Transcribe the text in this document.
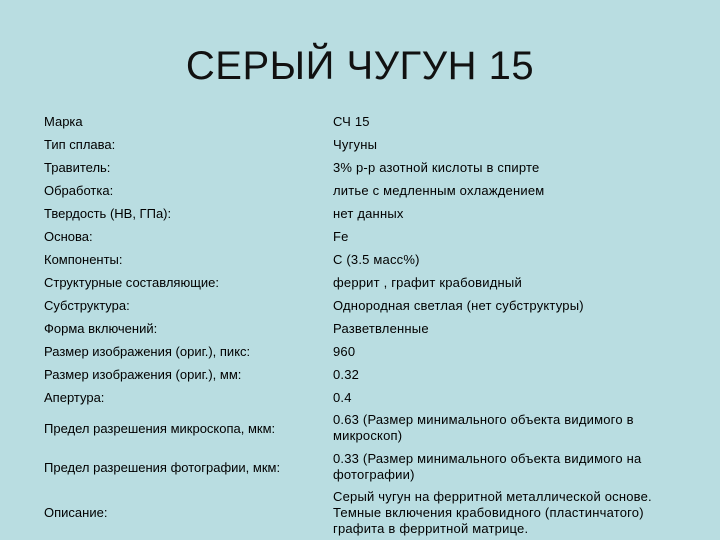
СЕРЫЙ ЧУГУН 15
Марка	СЧ 15
Тип сплава:	Чугуны
Травитель:	3% р-р азотной кислоты в спирте
Обработка:	литье с медленным охлаждением
Твердость (HB, ГПа):	нет данных
Основа:	Fe
Компоненты:	C (3.5 масс%)
Структурные составляющие:	феррит , графит крабовидный
Субструктура:	Однородная светлая (нет субструктуры)
Форма включений:	Разветвленные
Размер изображения (ориг.), пикс:	960
Размер изображения (ориг.), мм:	0.32
Апертура:	0.4
Предел разрешения микроскопа, мкм:
0.63 (Размер минимального объекта видимого в микроскоп)
Предел разрешения фотографии, мкм:
0.33 (Размер минимального объекта видимого на фотографии)
Описание:
Серый чугун на ферритной металлической основе. Темные включения крабовидного (пластинчатого) графита в ферритной матрице.
